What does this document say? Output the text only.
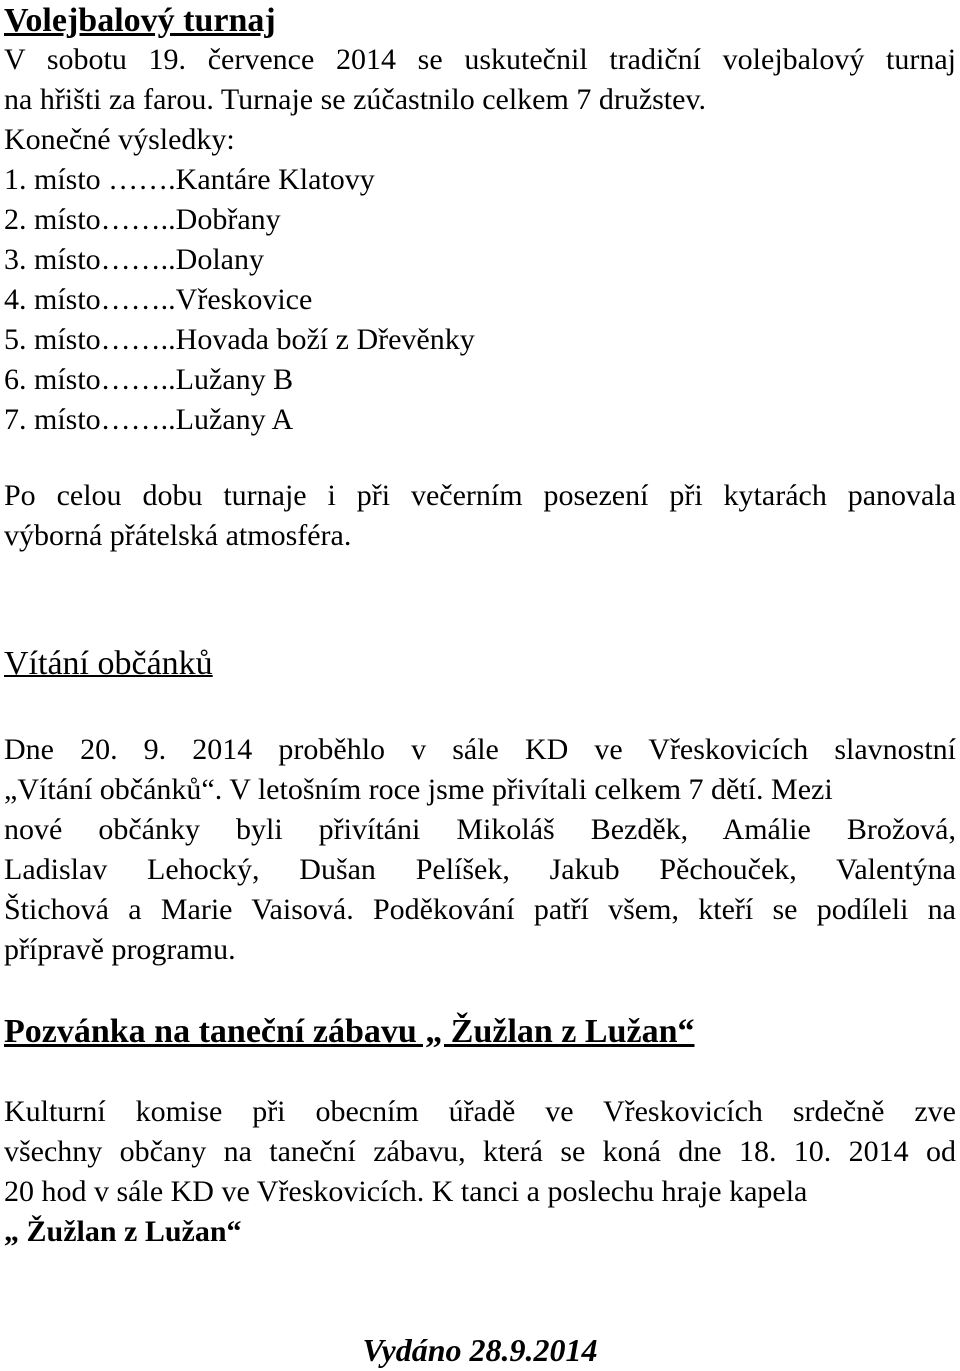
Volejbalový turnaj
V sobotu 19. července 2014 se uskutečnil tradiční volejbalový turnaj
na hřišti za farou. Turnaje se zúčastnilo celkem 7 družstev.
Konečné výsledky:
1. místo …….Kantáre Klatovy
2. místo……..Dobřany
3. místo……..Dolany
4. místo……..Vřeskovice
5. místo……..Hovada boží z Dřevěnky
6. místo……..Lužany B
7. místo……..Lužany A
Po celou dobu turnaje i při večerním posezení při kytarách panovala
výborná přátelská atmosféra.
Vítání občánků
Dne 20. 9. 2014 proběhlo v sále KD ve Vřeskovicích slavnostní
„Vítání občánků“. V letošním roce jsme přivítali celkem 7 dětí. Mezi
nové občánky byli přivítáni Mikoláš Bezděk, Amálie Brožová,
Ladislav Lehocký, Dušan Pelíšek, Jakub Pěchouček, Valentýna
Štichová a Marie Vaisová. Poděkování patří všem, kteří se podíleli na
přípravě programu.
Pozvánka na taneční zábavu „ Žužlan z Lužan“
Kulturní komise při obecním úřadě ve Vřeskovicích srdečně zve
všechny občany na taneční zábavu, která se koná dne 18. 10. 2014 od
20 hod v sále KD ve Vřeskovicích. K tanci a poslechu hraje kapela
„ Žužlan z Lužan“
Vydáno 28.9.2014
